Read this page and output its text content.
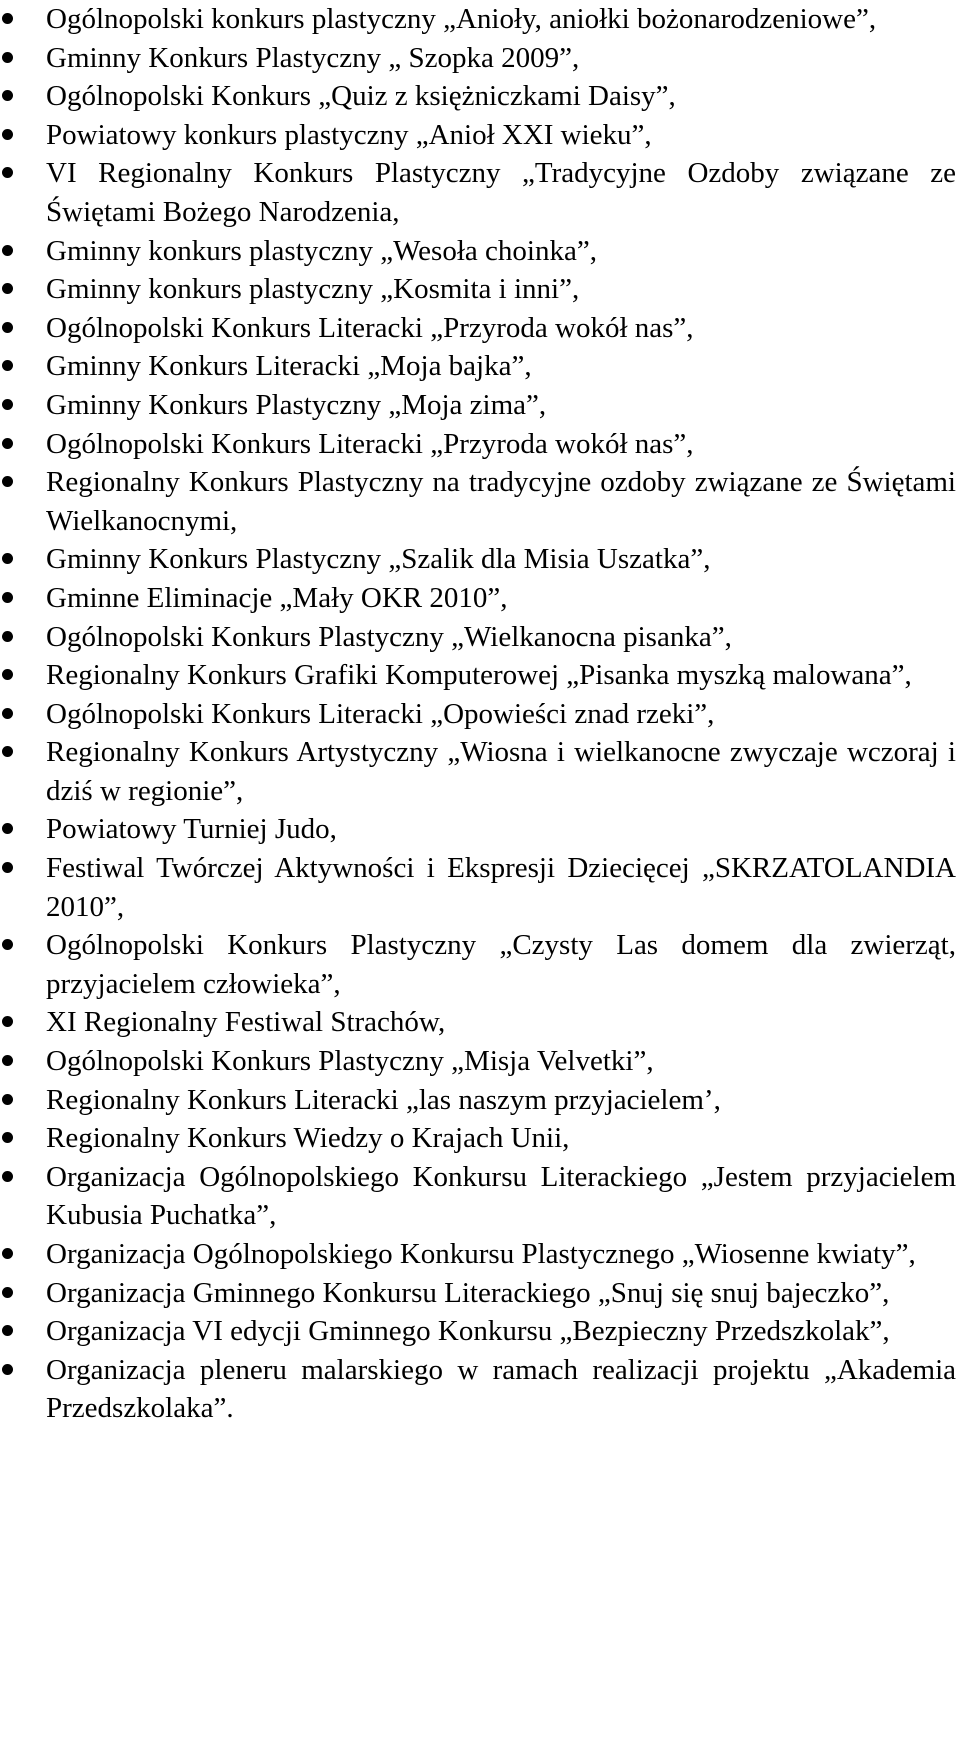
Ogólnopolski konkurs plastyczny „Anioły, aniołki bożonarodzeniowe”,
Gminny Konkurs Plastyczny „ Szopka 2009”,
Ogólnopolski Konkurs „Quiz z księżniczkami Daisy”,
Powiatowy konkurs plastyczny „Anioł XXI wieku”,
VI Regionalny Konkurs Plastyczny „Tradycyjne Ozdoby związane ze Świętami Bożego Narodzenia,
Gminny konkurs plastyczny „Wesoła choinka”,
Gminny konkurs plastyczny „Kosmita i inni”,
Ogólnopolski Konkurs Literacki „Przyroda wokół nas”,
Gminny Konkurs Literacki „Moja bajka”,
Gminny Konkurs Plastyczny „Moja zima”,
Ogólnopolski Konkurs Literacki „Przyroda wokół nas”,
Regionalny Konkurs Plastyczny na tradycyjne ozdoby związane ze Świętami Wielkanocnymi,
Gminny Konkurs Plastyczny „Szalik dla Misia Uszatka”,
Gminne Eliminacje „Mały OKR 2010”,
Ogólnopolski Konkurs Plastyczny „Wielkanocna pisanka”,
Regionalny Konkurs Grafiki Komputerowej „Pisanka myszką malowana”,
Ogólnopolski Konkurs Literacki „Opowieści znad rzeki”,
Regionalny Konkurs Artystyczny „Wiosna i wielkanocne zwyczaje wczoraj i dziś w regionie”,
Powiatowy Turniej Judo,
Festiwal Twórczej Aktywności i Ekspresji Dziecięcej „SKRZATOLANDIA 2010”,
Ogólnopolski Konkurs Plastyczny „Czysty Las domem dla zwierząt, przyjacielem człowieka”,
XI Regionalny Festiwal Strachów,
Ogólnopolski Konkurs Plastyczny „Misja Velvetki”,
Regionalny Konkurs Literacki „las naszym przyjacielem’,
Regionalny Konkurs Wiedzy o Krajach Unii,
Organizacja Ogólnopolskiego Konkursu Literackiego „Jestem przyjacielem Kubusia Puchatka”,
Organizacja Ogólnopolskiego Konkursu Plastycznego „Wiosenne kwiaty”,
Organizacja Gminnego Konkursu Literackiego „Snuj się snuj bajeczko”,
Organizacja VI edycji Gminnego Konkursu „Bezpieczny Przedszkolak”,
Organizacja pleneru malarskiego w ramach realizacji projektu „Akademia Przedszkolaka”.
